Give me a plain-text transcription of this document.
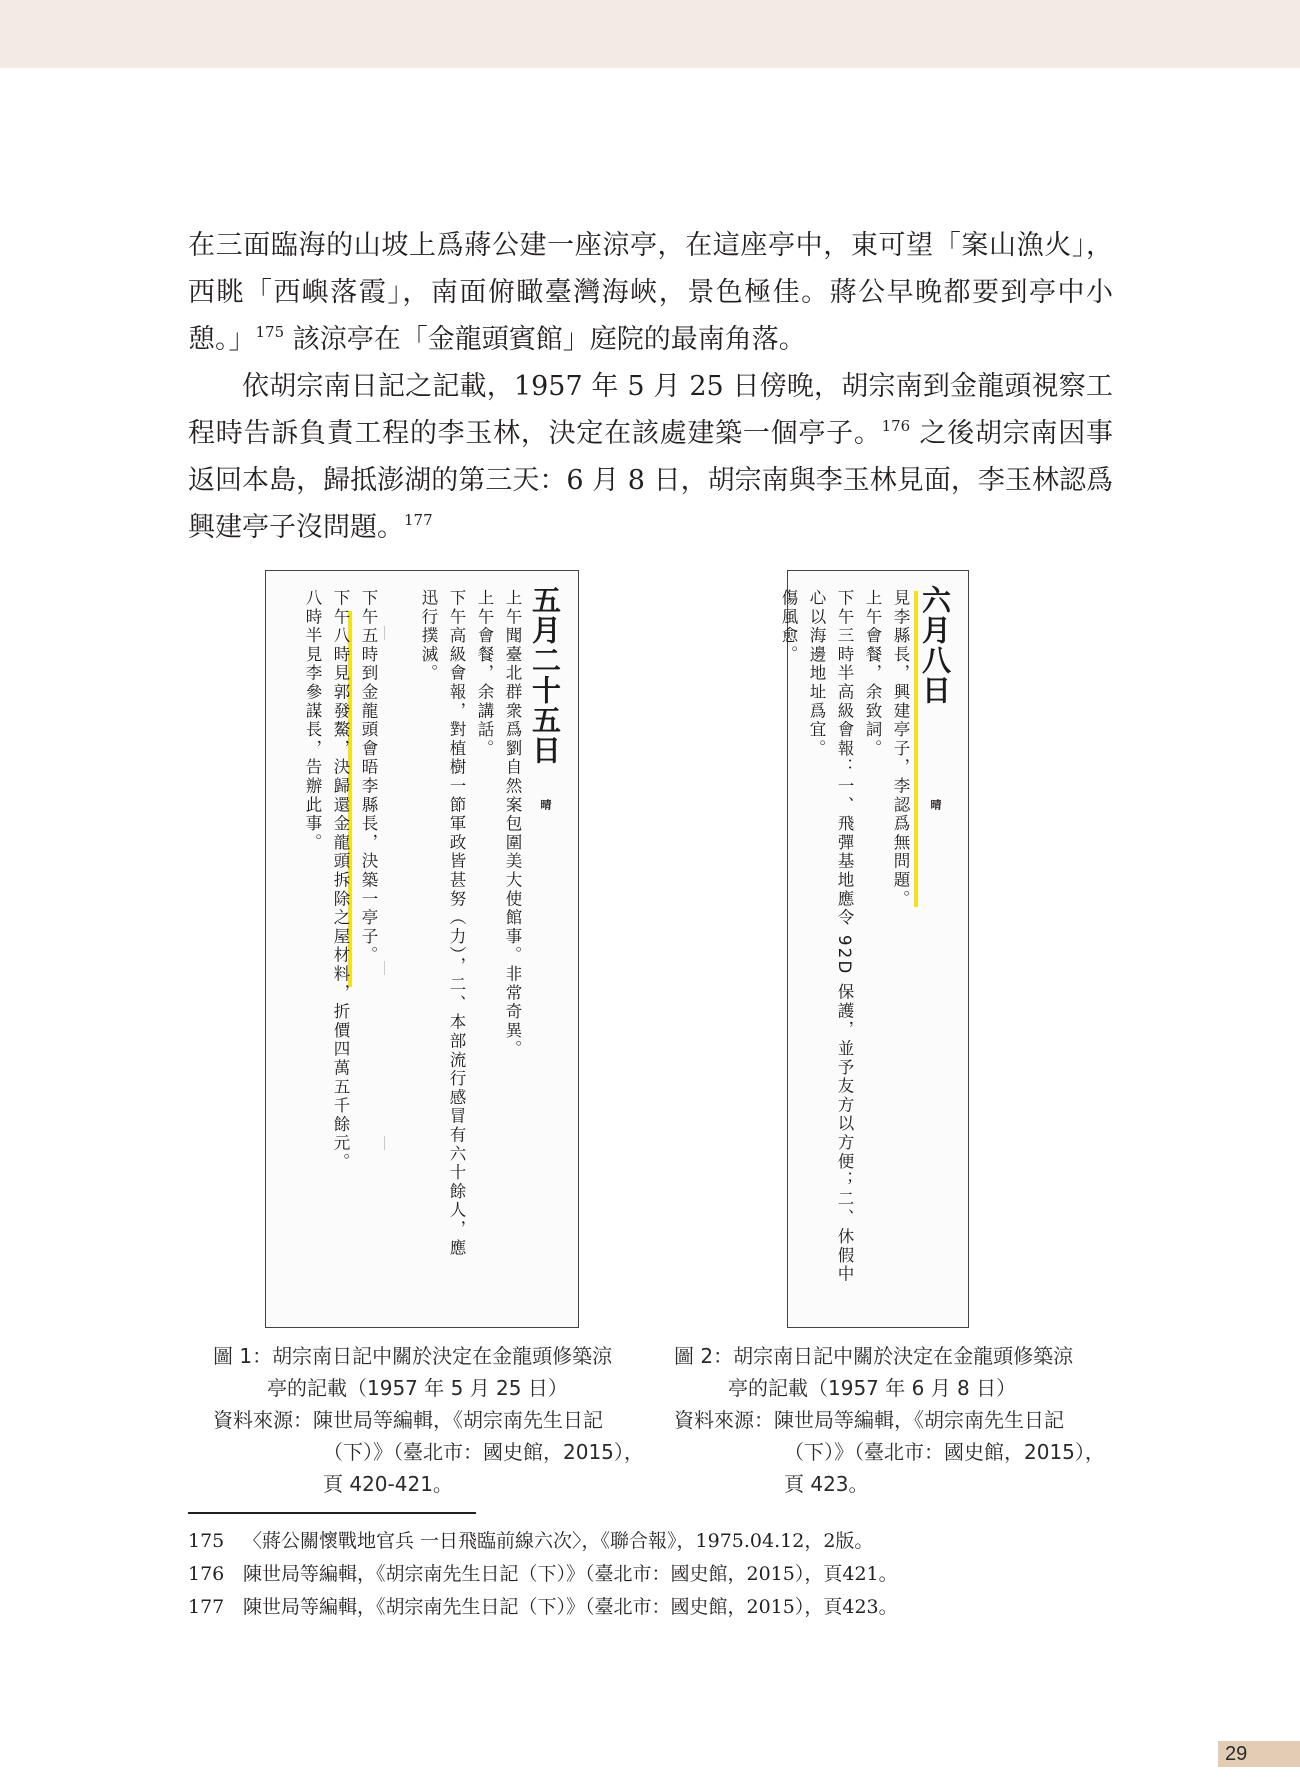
在三面臨海的山坡上爲蔣公建一座涼亭，在這座亭中，東可望「案山漁火」，西眺「西嶼落霞」，南面俯瞰臺灣海峽，景色極佳。蔣公早晚都要到亭中小憩。」$^{175}$ 該涼亭在「金龍頭賓館」庭院的最南角落。

依胡宗南日記之記載，1957 年 5 月 25 日傍晚，胡宗南到金龍頭視察工程時告訴負責工程的李玉林，決定在該處建築一個亭子。$^{176}$ 之後胡宗南因事返回本島，歸抵澎湖的第三天：6 月 8 日，胡宗南與李玉林見面，李玉林認爲興建亭子沒問題。$^{177}$

五月二十五日
晴
上午聞臺北群衆爲劉自然案包圍美大使館事。非常奇異。
上午會餐，余講話。
下午高級會報，對植樹一節軍政皆甚努（力），二、本部流行感冒有六十餘人，應
迅行撲滅。
下午五時到金龍頭會晤李縣長，決築一亭子。
下午八時見郭發鰲，決歸還金龍頭拆除之屋材料，折價四萬五千餘元。
八時半見李參謀長，告辦此事。	六月八日
晴
見李縣長，興建亭子，李認爲無問題。
上午會餐，余致詞。
下午三時半高級會報：一、飛彈基地應令 92D 保護，並予友方以方便；二、休假中
心以海邊地址爲宜。
傷風愈。
圖 1：胡宗南日記中關於決定在金龍頭修築涼
亭的記載（1957 年 5 月 25 日）
資料來源：陳世局等編輯，《胡宗南先生日記
（下）》（臺北市：國史館，2015），
頁 420-421。
圖 2：胡宗南日記中關於決定在金龍頭修築涼
亭的記載（1957 年 6 月 8 日）
資料來源：陳世局等編輯，《胡宗南先生日記
（下）》（臺北市：國史館，2015），
頁 423。
175 〈蔣公關懷戰地官兵 一日飛臨前線六次〉，《聯合報》，1975.04.12，2版。
176 陳世局等編輯，《胡宗南先生日記（下）》（臺北市：國史館，2015），頁421。
177 陳世局等編輯，《胡宗南先生日記（下）》（臺北市：國史館，2015），頁423。
29
